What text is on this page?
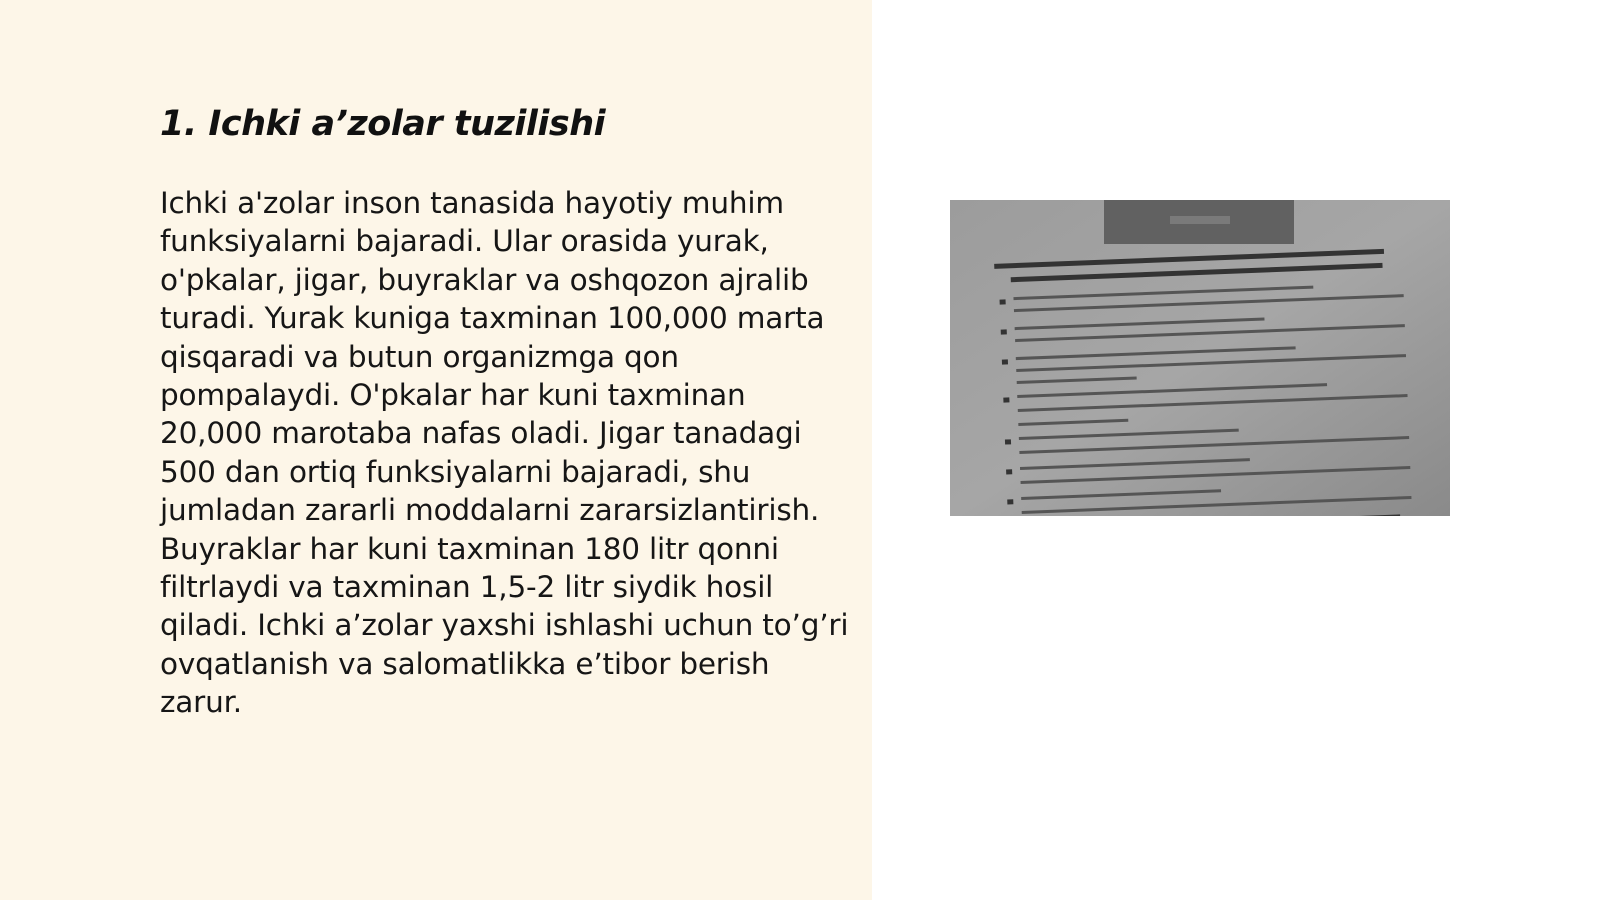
1. Ichki a’zolar tuzilishi

Ichki a'zolar inson tanasida hayotiy muhim funksiyalarni bajaradi. Ular orasida yurak, o'pkalar, jigar, buyraklar va oshqozon ajralib turadi. Yurak kuniga taxminan 100,000 marta qisqaradi va butun organizmga qon pompalaydi. O'pkalar har kuni taxminan 20,000 marotaba nafas oladi. Jigar tanadagi 500 dan ortiq funksiyalarni bajaradi, shu jumladan zararli moddalarni zararsizlantirish. Buyraklar har kuni taxminan 180 litr qonni filtrlaydi va taxminan 1,5-2 litr siydik hosil qiladi. Ichki a’zolar yaxshi ishlashi uchun to’g’ri ovqatlanish va salomatlikka e’tibor berish zarur.
